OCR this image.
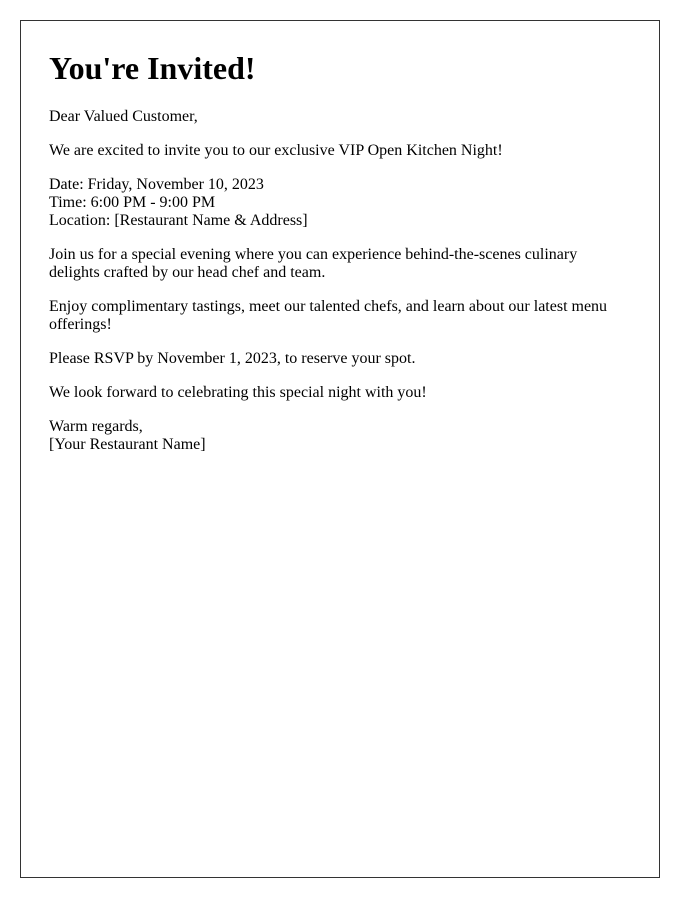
You're Invited!

Dear Valued Customer,

We are excited to invite you to our exclusive VIP Open Kitchen Night!

Date: Friday, November 10, 2023
Time: 6:00 PM - 9:00 PM
Location: [Restaurant Name & Address]

Join us for a special evening where you can experience behind-the-scenes culinary delights crafted by our head chef and team.

Enjoy complimentary tastings, meet our talented chefs, and learn about our latest menu offerings!

Please RSVP by November 1, 2023, to reserve your spot.

We look forward to celebrating this special night with you!

Warm regards,
[Your Restaurant Name]
